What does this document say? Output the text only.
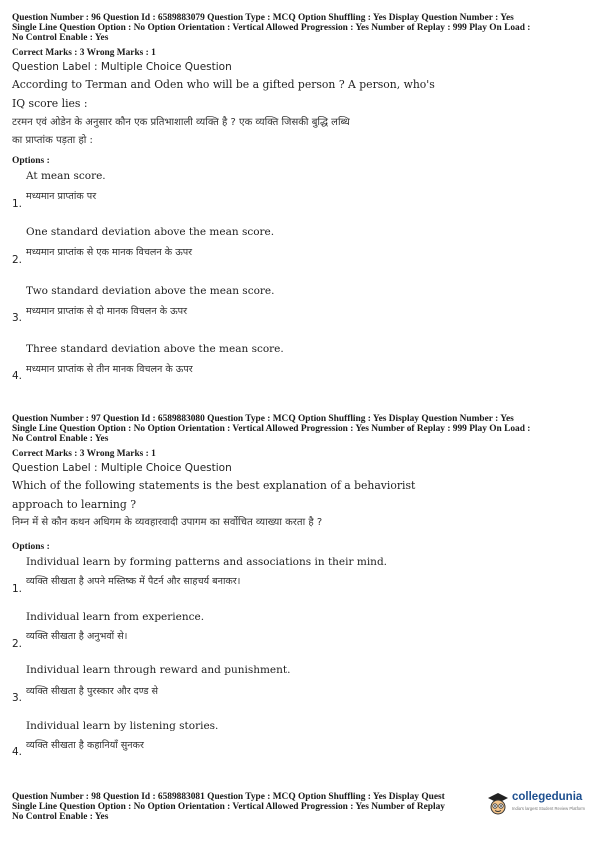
Question Number : 96 Question Id : 6589883079 Question Type : MCQ Option Shuffling : Yes Display Question Number : Yes
Single Line Question Option : No Option Orientation : Vertical Allowed Progression : Yes Number of Replay : 999 Play On Load :
No Control Enable : Yes
Correct Marks : 3 Wrong Marks : 1
Question Label : Multiple Choice Question
According to Terman and Oden who will be a gifted person ? A person, who's
IQ score lies :
टरमन एवं ओडेन के अनुसार कौन एक प्रतिभाशाली व्यक्ति है ? एक व्यक्ति जिसकी बुद्धि लब्धि
का प्राप्तांक पड़ता हो :
Options :
At mean score.
मध्यमान प्राप्तांक पर
1.
One standard deviation above the mean score.
मध्यमान प्राप्तांक से एक मानक विचलन के ऊपर
2.
Two standard deviation above the mean score.
मध्यमान प्राप्तांक से दो मानक विचलन के ऊपर
3.
Three standard deviation above the mean score.
मध्यमान प्राप्तांक से तीन मानक विचलन के ऊपर
4.
Question Number : 97 Question Id : 6589883080 Question Type : MCQ Option Shuffling : Yes Display Question Number : Yes
Single Line Question Option : No Option Orientation : Vertical Allowed Progression : Yes Number of Replay : 999 Play On Load :
No Control Enable : Yes
Correct Marks : 3 Wrong Marks : 1
Question Label : Multiple Choice Question
Which of the following statements is the best explanation of a behaviorist
approach to learning ?
निम्न में से कौन कथन अधिगम के व्यवहारवादी उपागम का सर्वोचित व्याख्या करता है ?
Options :
Individual learn by forming patterns and associations in their mind.
व्यक्ति सीखता है अपने मस्तिष्क में पैटर्न और साहचर्य बनाकर।
1.
Individual learn from experience.
व्यक्ति सीखता है अनुभवों से।
2.
Individual learn through reward and punishment.
व्यक्ति सीखता है पुरस्कार और दण्ड से
3.
Individual learn by listening stories.
व्यक्ति सीखता है कहानियाँ सुनकर
4.
Question Number : 98 Question Id : 6589883081 Question Type : MCQ Option Shuffling : Yes Display Quest
Single Line Question Option : No Option Orientation : Vertical Allowed Progression : Yes Number of Replay
No Control Enable : Yes
collegedunia
India's largest Student Review Platform
